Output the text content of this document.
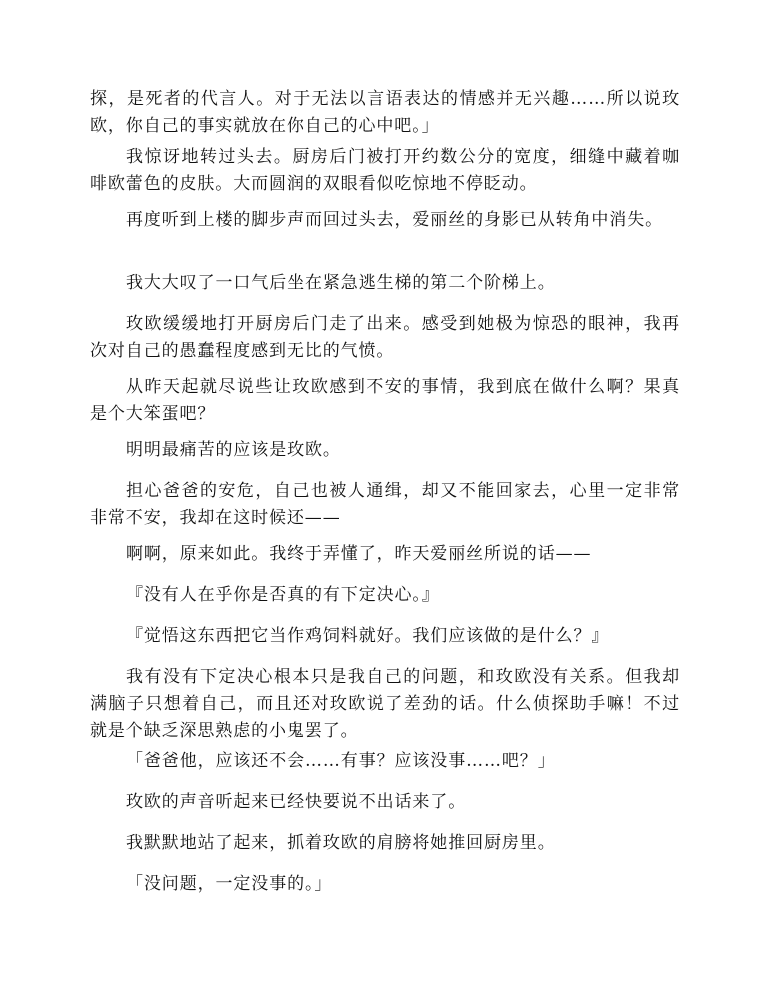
探，是死者的代言人。对于无法以言语表达的情感并无兴趣……所以说玫欧，你自己的事实就放在你自己的心中吧。」

我惊讶地转过头去。厨房后门被打开约数公分的宽度，细缝中藏着咖啡欧蕾色的皮肤。大而圆润的双眼看似吃惊地不停眨动。

再度听到上楼的脚步声而回过头去，爱丽丝的身影已从转角中消失。

我大大叹了一口气后坐在紧急逃生梯的第二个阶梯上。

玫欧缓缓地打开厨房后门走了出来。感受到她极为惊恐的眼神，我再次对自己的愚蠢程度感到无比的气愤。

从昨天起就尽说些让玫欧感到不安的事情，我到底在做什么啊？果真是个大笨蛋吧？

明明最痛苦的应该是玫欧。

担心爸爸的安危，自己也被人通缉，却又不能回家去，心里一定非常非常不安，我却在这时候还——

啊啊，原来如此。我终于弄懂了，昨天爱丽丝所说的话——

『没有人在乎你是否真的有下定决心。』

『觉悟这东西把它当作鸡饲料就好。我们应该做的是什么？』

我有没有下定决心根本只是我自己的问题，和玫欧没有关系。但我却满脑子只想着自己，而且还对玫欧说了差劲的话。什么侦探助手嘛！不过就是个缺乏深思熟虑的小鬼罢了。

「爸爸他，应该还不会……有事？应该没事……吧？」

玫欧的声音听起来已经快要说不出话来了。

我默默地站了起来，抓着玫欧的肩膀将她推回厨房里。

「没问题，一定没事的。」
